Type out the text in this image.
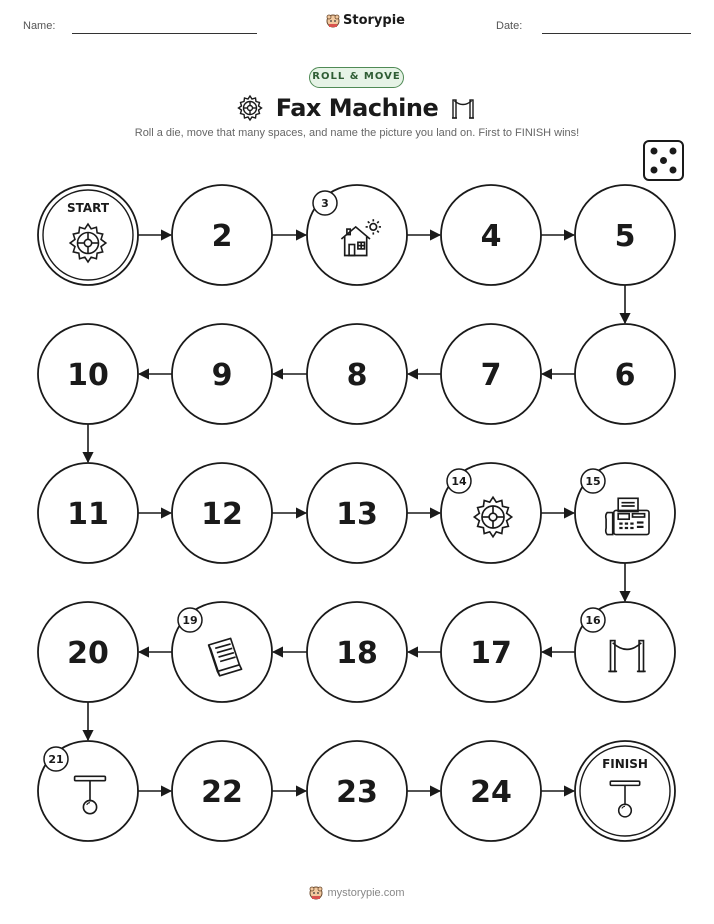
Name:	Storypie	Date:
ROLL & MOVE
Fax Machine
Roll a die, move that many spaces, and name the picture you land on. First to FINISH wins!
START
2
3
4	5
6
7
8
9
10
11	12	13
14	15
16
17
18
19
20
21
22	23	24
FINISH
mystorypie.com
